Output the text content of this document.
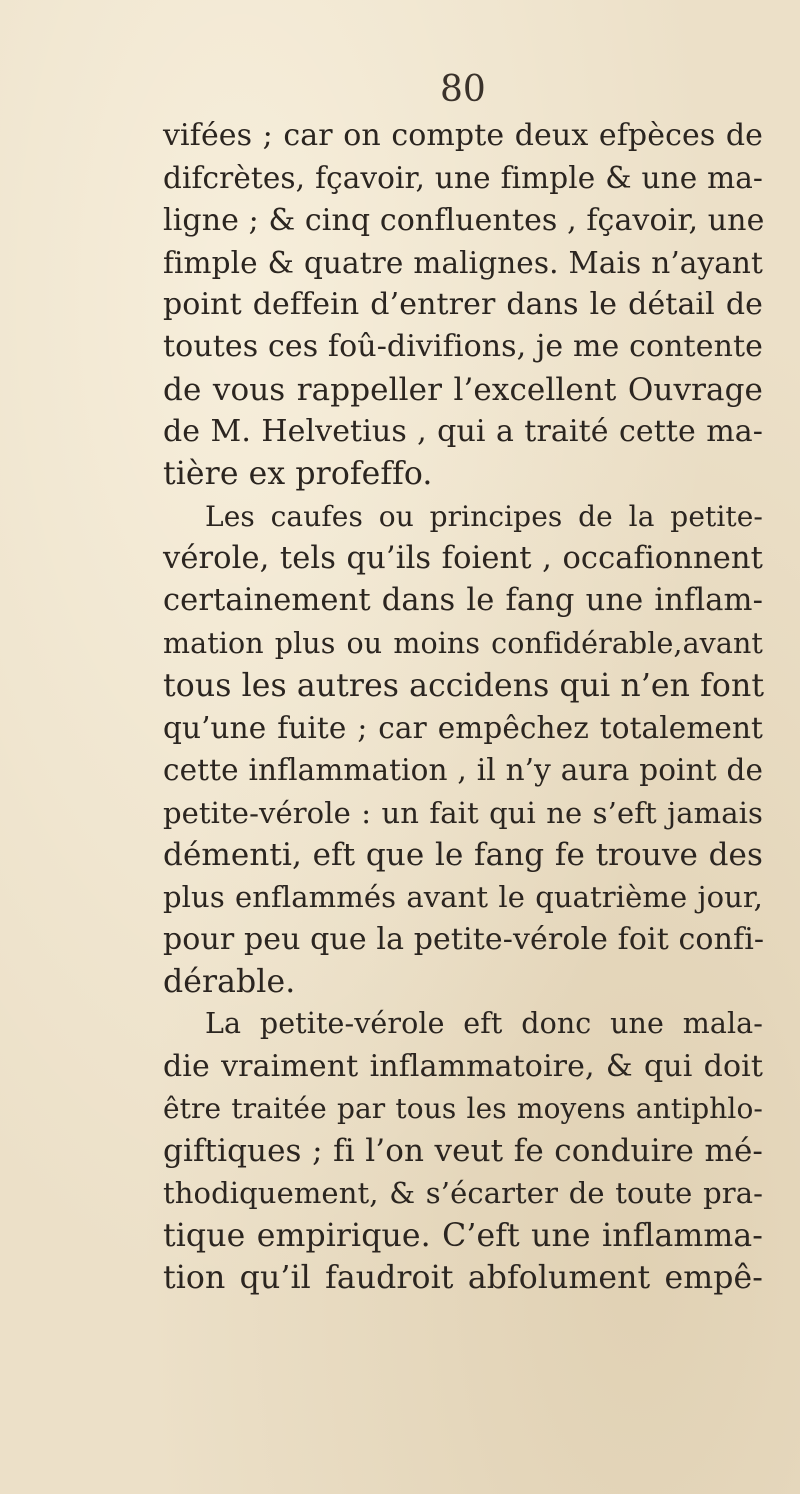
80
vifées ; car on compte deux efpèces de
difcrètes, fçavoir, une fimple & une ma-
ligne ; & cinq confluentes , fçavoir, une
fimple & quatre malignes. Mais n’ayant
point deffein d’entrer dans le détail de
toutes ces foû-divifions, je me contente
de vous rappeller l’excellent Ouvrage
de M. Helvetius , qui a traité cette ma-
tière ex profeffo.
Les caufes ou principes de la petite-
vérole, tels qu’ils foient , occafionnent
certainement dans le fang une inflam-
mation plus ou moins confidérable,avant
tous les autres accidens qui n’en font
qu’une fuite ; car empêchez totalement
cette inflammation , il n’y aura point de
petite-vérole : un fait qui ne s’eft jamais
démenti, eft que le fang fe trouve des
plus enflammés avant le quatrième jour,
pour peu que la petite-vérole foit confi-
dérable.
La petite-vérole eft donc une mala-
die vraiment inflammatoire, & qui doit
être traitée par tous les moyens antiphlo-
giftiques ; fi l’on veut fe conduire mé-
thodiquement, & s’écarter de toute pra-
tique empirique. C’eft une inflamma-
tion qu’il faudroit abfolument empê-
